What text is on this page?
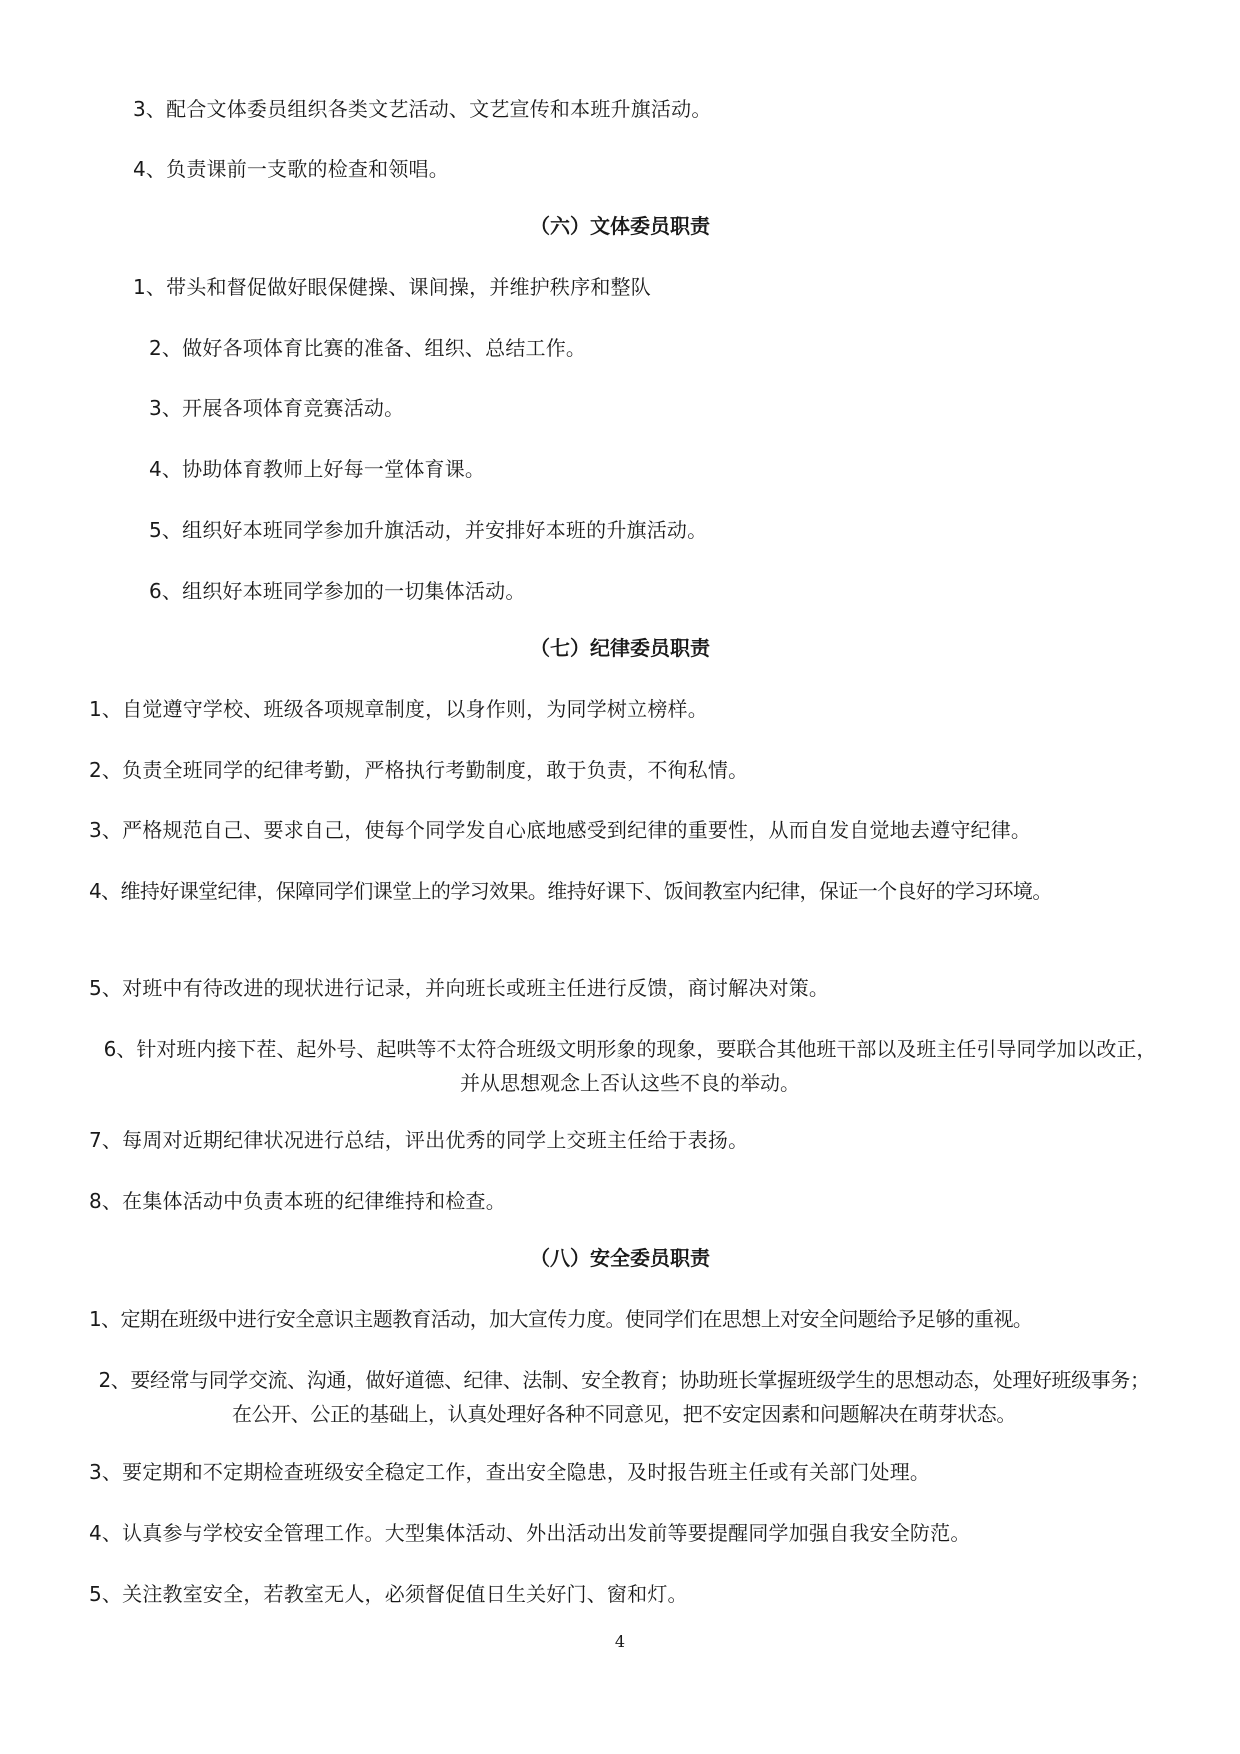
3、配合文体委员组织各类文艺活动、文艺宣传和本班升旗活动。
4、负责课前一支歌的检查和领唱。
（六）文体委员职责
1、带头和督促做好眼保健操、课间操，并维护秩序和整队
2、做好各项体育比赛的准备、组织、总结工作。
3、开展各项体育竞赛活动。
4、协助体育教师上好每一堂体育课。
5、组织好本班同学参加升旗活动，并安排好本班的升旗活动。
6、组织好本班同学参加的一切集体活动。
（七）纪律委员职责
1、自觉遵守学校、班级各项规章制度，以身作则，为同学树立榜样。
2、负责全班同学的纪律考勤，严格执行考勤制度，敢于负责，不徇私情。
3、严格规范自己、要求自己，使每个同学发自心底地感受到纪律的重要性，从而自发自觉地去遵守纪律。
4、维持好课堂纪律，保障同学们课堂上的学习效果。维持好课下、饭间教室内纪律，保证一个良好的学习环境。
5、对班中有待改进的现状进行记录，并向班长或班主任进行反馈，商讨解决对策。
6、针对班内接下茬、起外号、起哄等不太符合班级文明形象的现象，要联合其他班干部以及班主任引导同学加以改正，并从思想观念上否认这些不良的举动。
7、每周对近期纪律状况进行总结，评出优秀的同学上交班主任给于表扬。
8、在集体活动中负责本班的纪律维持和检查。
（八）安全委员职责
1、定期在班级中进行安全意识主题教育活动，加大宣传力度。使同学们在思想上对安全问题给予足够的重视。
2、要经常与同学交流、沟通，做好道德、纪律、法制、安全教育；协助班长掌握班级学生的思想动态，处理好班级事务；在公开、公正的基础上，认真处理好各种不同意见，把不安定因素和问题解决在萌芽状态。
3、要定期和不定期检查班级安全稳定工作，查出安全隐患，及时报告班主任或有关部门处理。
4、认真参与学校安全管理工作。大型集体活动、外出活动出发前等要提醒同学加强自我安全防范。
5、关注教室安全，若教室无人，必须督促值日生关好门、窗和灯。
4
